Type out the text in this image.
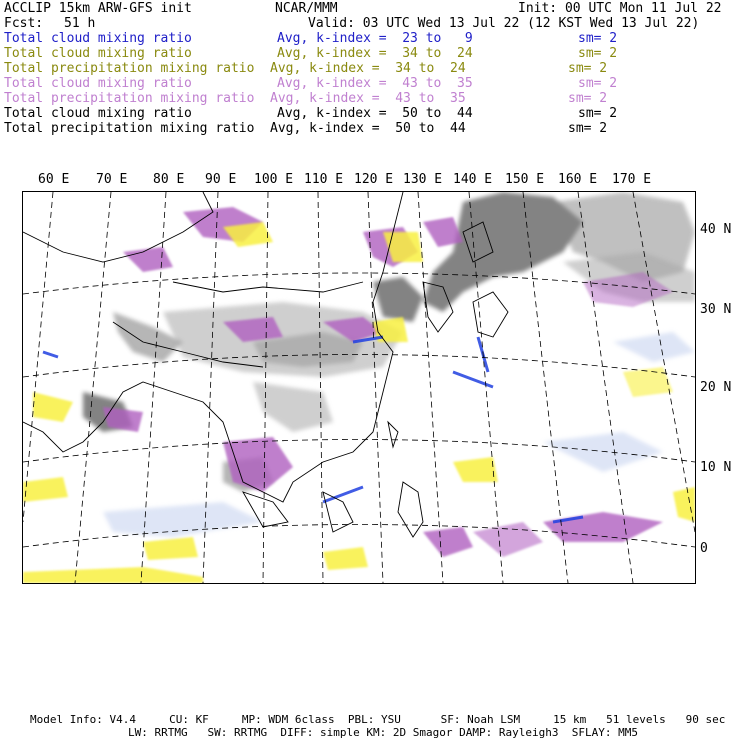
ACCLIP 15km ARW-GFS init	NCAR/MMM	Init: 00 UTC Mon 11 Jul 22
Fcst: 51 h	Valid: 03 UTC Wed 13 Jul 22 (12 KST Wed 13 Jul 22)
Total cloud mixing ratio	Avg, k-index =  23 to   9	sm= 2
Total cloud mixing ratio	Avg, k-index =  34 to  24	sm= 2
Total precipitation mixing ratio Avg, k-index =  34 to  24	sm= 2
Total cloud mixing ratio	Avg, k-index =  43 to  35	sm= 2
Total precipitation mixing ratio Avg, k-index =  43 to  35	sm= 2
Total cloud mixing ratio	Avg, k-index =  50 to  44	sm= 2
Total precipitation mixing ratio Avg, k-index =  50 to  44	sm= 2
60 E 70 E 80 E 90 E 100 E 110 E 120 E 130 E 140 E 150 E 160 E 170 E
40 N
30 N
20 N
10 N
0
Model Info: V4.4     CU: KF     MP: WDM 6class  PBL: YSU      SF: Noah LSM     15 km   51 levels   90 sec
LW: RRTMG   SW: RRTMG  DIFF: simple KM: 2D Smagor DAMP: Rayleigh3  SFLAY: MM5
